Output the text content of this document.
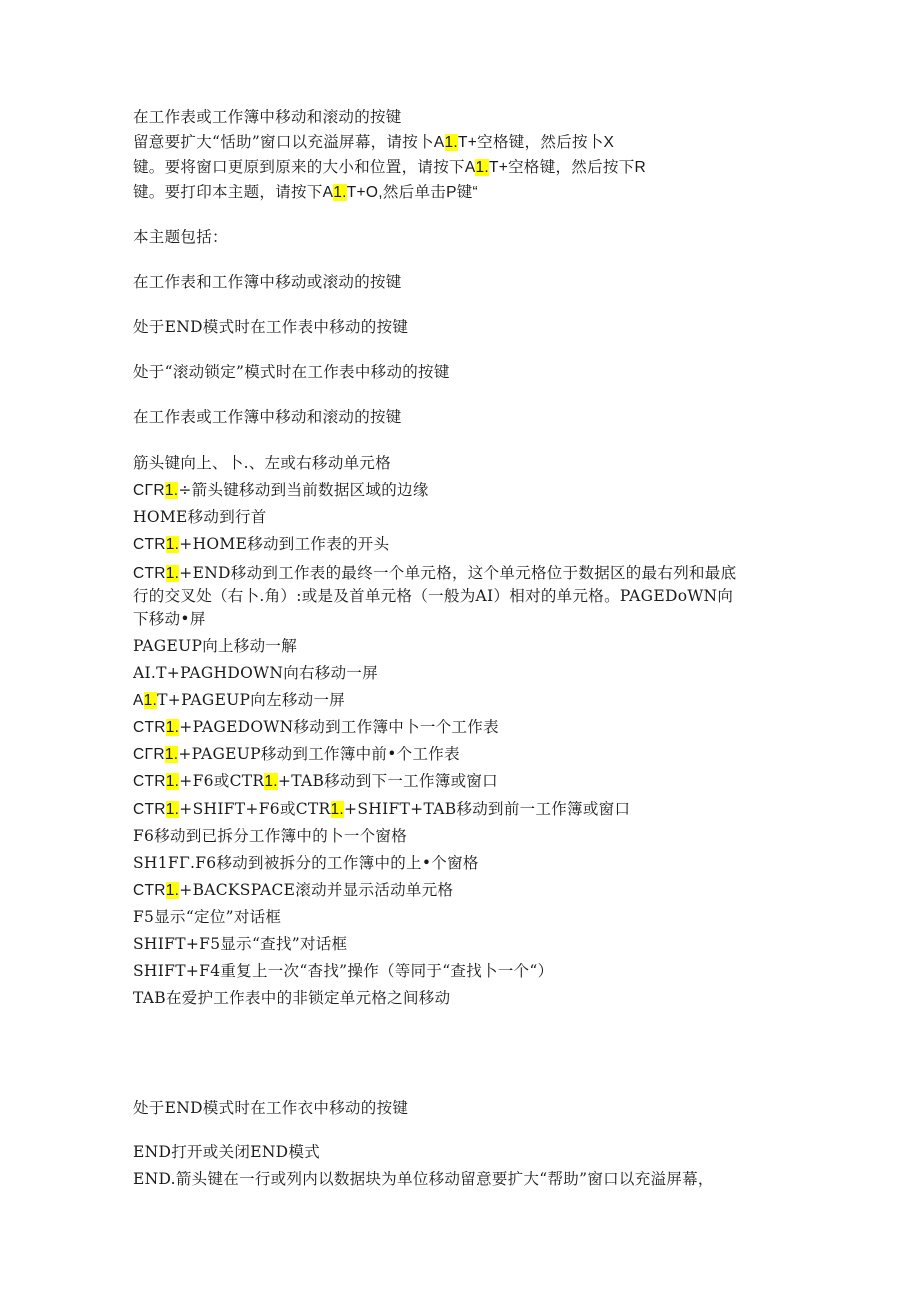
在工作表或工作簿中移动和滚动的按键
留意要扩大“恬助”窗口以充溢屏幕，请按卜A1.T+空格键，然后按卜X
键。要将窗口更原到原来的大小和位置，请按下A1.T+空格键，然后按下R
键。要打印本主题，请按下A1.T+O,然后单击P键“
本主题包括：
在工作表和工作簿中移动或滚动的按键
处于END模式时在工作表中移动的按键
处于“滚动锁定”模式时在工作表中移动的按键
在工作表或工作簿中移动和滚动的按键
筋头键向上、卜.、左或右移动单元格
CΓR1.÷箭头键移动到当前数据区域的边缘
HOME移动到行首
CTR1.+HOME移动到工作表的开头
CTR1.+END移动到工作表的最终一个单元格，这个单元格位于数据区的最右列和最底
行的交叉处（右卜.角）:或是及首单元格（一般为AI）相对的单元格。PAGEDoWN向
下移动•屏
PAGEUP向上移动一解
AI.T+PAGHDOWN向右移动一屏
A1.T+PAGEUP向左移动一屏
CTR1.+PAGEDOWN移动到工作簿中卜一个工作表
CΓR1.+PAGEUP移动到工作簿中前•个工作表
CTR1.+F6或CTR1.+TAB移动到下一工作簿或窗口
CTR1.+SHIFT+F6或CTR1.+SHIFT+TAB移动到前一工作簿或窗口
F6移动到已拆分工作簿中的卜一个窗格
SH1FΓ.F6移动到被拆分的工作簿中的上•个窗格
CTR1.+BACKSPACE滚动并显示活动单元格
F5显示“定位”对话框
SHIFT+F5显示“查找”对话框
SHIFT+F4重复上一次“杳找”操作（等同于“查找卜一个“）
TAB在爱护工作表中的非锁定单元格之间移动
处于END模式时在工作衣中移动的按键
END打开或关闭END模式
END.箭头键在一行或列内以数据块为单位移动留意要扩大“帮助”窗口以充溢屏幕，
